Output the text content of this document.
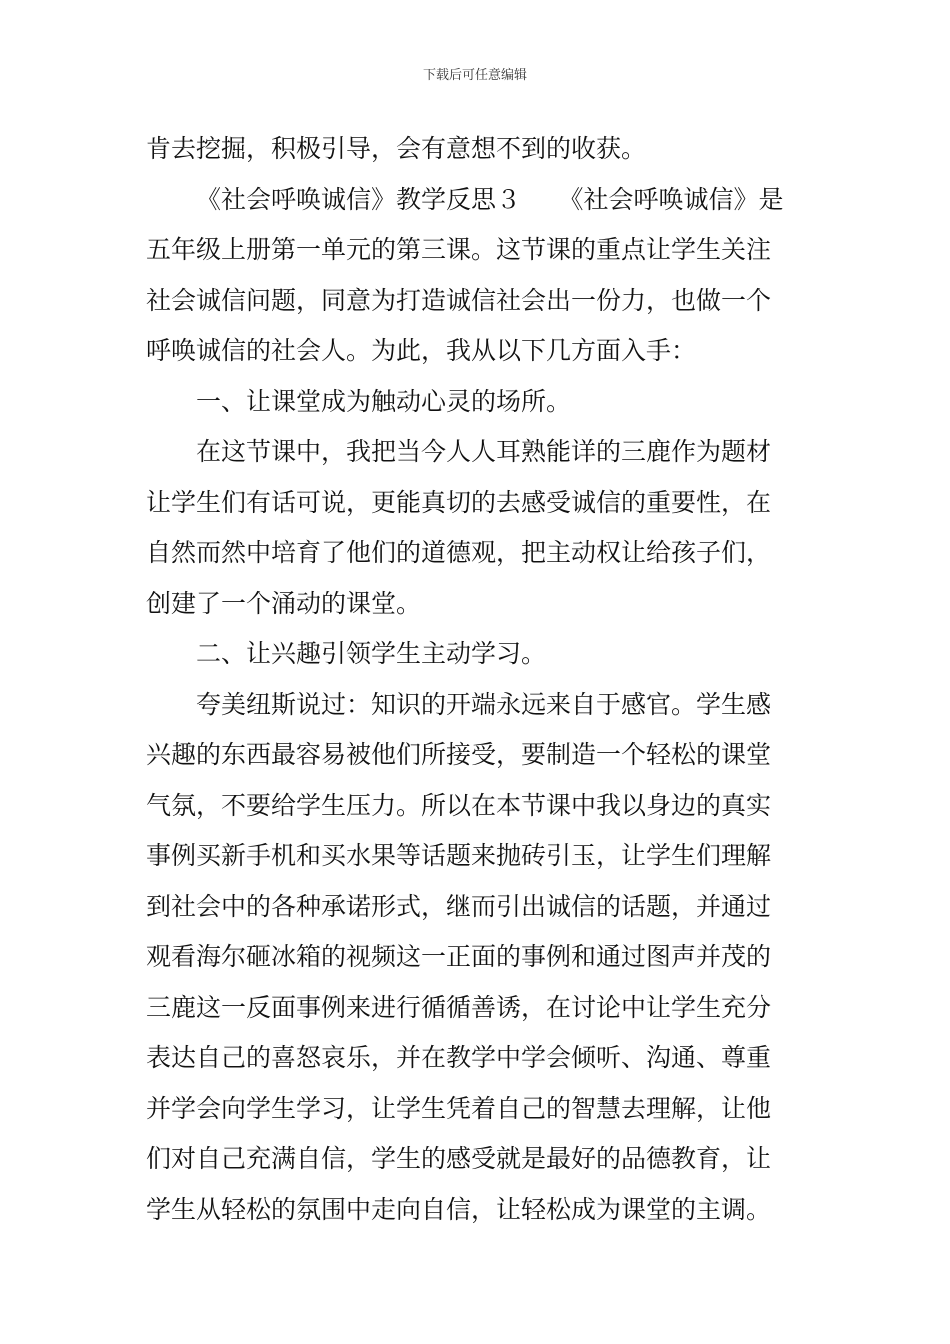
下载后可任意编辑
肯去挖掘，积极引导，会有意想不到的收获。
《社会呼唤诚信》教学反思３　　《社会呼唤诚信》是
五年级上册第一单元的第三课。这节课的重点让学生关注
社会诚信问题，同意为打造诚信社会出一份力，也做一个
呼唤诚信的社会人。为此，我从以下几方面入手：
一、让课堂成为触动心灵的场所。
在这节课中，我把当今人人耳熟能详的三鹿作为题材
让学生们有话可说，更能真切的去感受诚信的重要性，在
自然而然中培育了他们的道德观，把主动权让给孩子们，
创建了一个涌动的课堂。
二、让兴趣引领学生主动学习。
夸美纽斯说过：知识的开端永远来自于感官。学生感
兴趣的东西最容易被他们所接受，要制造一个轻松的课堂
气氛，不要给学生压力。所以在本节课中我以身边的真实
事例买新手机和买水果等话题来抛砖引玉，让学生们理解
到社会中的各种承诺形式，继而引出诚信的话题，并通过
观看海尔砸冰箱的视频这一正面的事例和通过图声并茂的
三鹿这一反面事例来进行循循善诱，在讨论中让学生充分
表达自己的喜怒哀乐，并在教学中学会倾听、沟通、尊重
并学会向学生学习，让学生凭着自己的智慧去理解，让他
们对自己充满自信，学生的感受就是最好的品德教育，让
学生从轻松的氛围中走向自信，让轻松成为课堂的主调。
